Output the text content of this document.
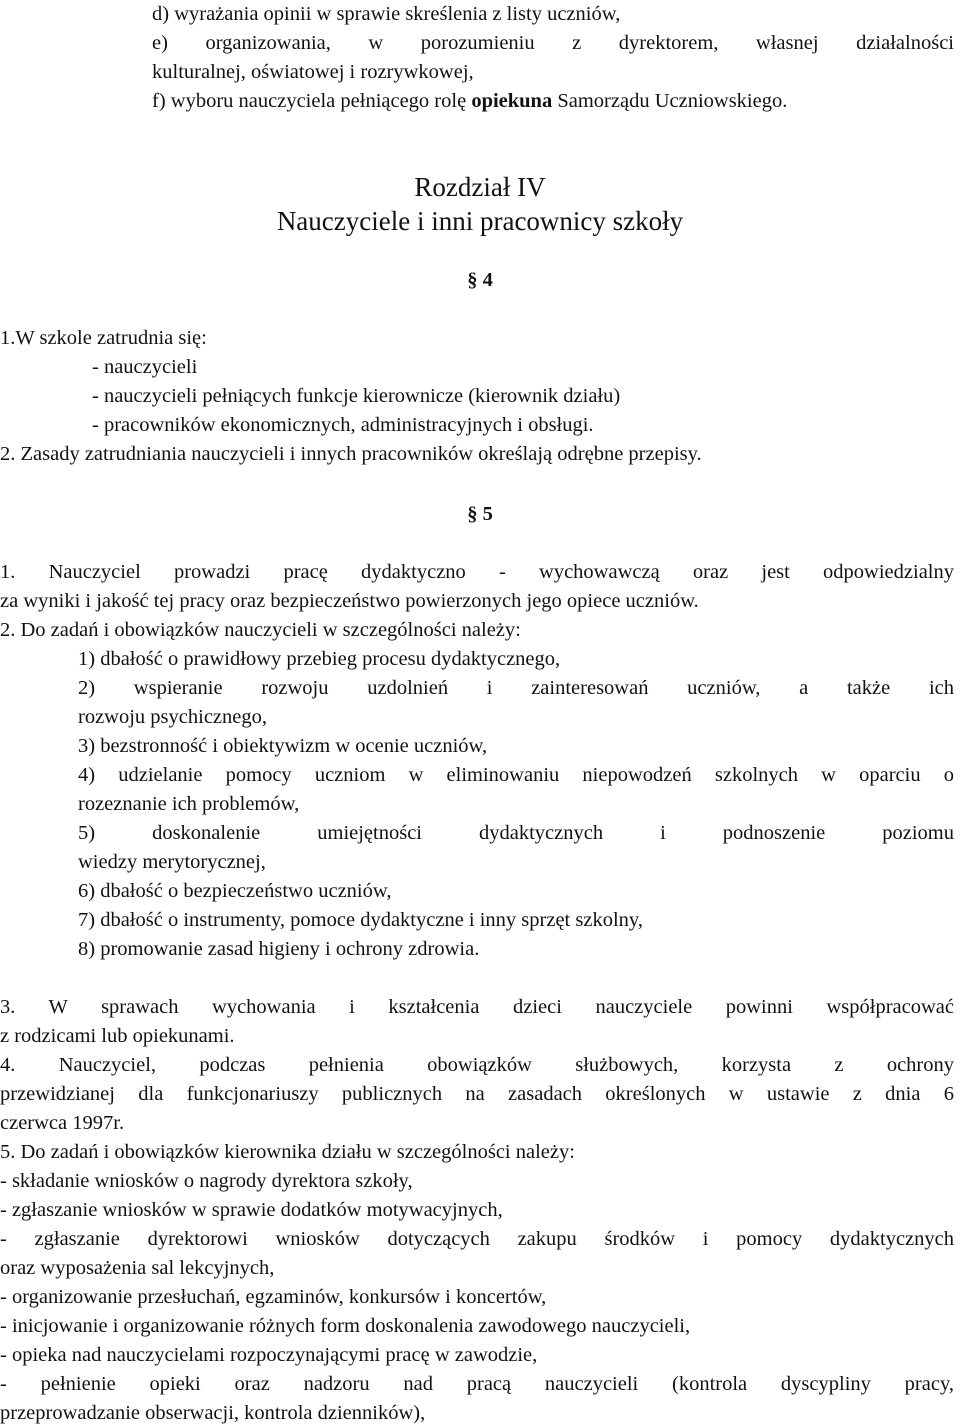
d) wyrażania opinii w sprawie skreślenia z listy uczniów,
e) organizowania, w porozumieniu z dyrektorem, własnej działalności
kulturalnej, oświatowej i rozrywkowej,
f) wyboru nauczyciela pełniącego rolę opiekuna Samorządu Uczniowskiego.
Rozdział IV
Nauczyciele i inni pracownicy szkoły
§ 4
1.W szkole zatrudnia się:
- nauczycieli
- nauczycieli pełniących funkcje kierownicze (kierownik działu)
- pracowników ekonomicznych, administracyjnych i obsługi.
2. Zasady zatrudniania nauczycieli i innych pracowników określają odrębne przepisy.
§ 5
1. Nauczyciel prowadzi pracę dydaktyczno - wychowawczą oraz jest odpowiedzialny
za wyniki i jakość tej pracy oraz bezpieczeństwo powierzonych jego opiece uczniów.
2. Do zadań i obowiązków nauczycieli w szczególności należy:
1) dbałość o prawidłowy przebieg procesu dydaktycznego,
2) wspieranie rozwoju uzdolnień i zainteresowań uczniów, a także ich
rozwoju psychicznego,
3) bezstronność i obiektywizm w ocenie uczniów,
4) udzielanie pomocy uczniom w eliminowaniu niepowodzeń szkolnych w oparciu o
rozeznanie ich problemów,
5) doskonalenie umiejętności dydaktycznych i podnoszenie poziomu
wiedzy merytorycznej,
6) dbałość o bezpieczeństwo uczniów,
7) dbałość o instrumenty, pomoce dydaktyczne i inny sprzęt szkolny,
8) promowanie zasad higieny i ochrony zdrowia.
3. W sprawach wychowania i kształcenia dzieci nauczyciele powinni współpracować
z rodzicami lub opiekunami.
4. Nauczyciel, podczas pełnienia obowiązków służbowych, korzysta z ochrony
przewidzianej dla funkcjonariuszy publicznych na zasadach określonych w ustawie z dnia 6
czerwca 1997r.
5. Do zadań i obowiązków kierownika działu w szczególności należy:
- składanie wniosków o nagrody dyrektora szkoły,
- zgłaszanie wniosków w sprawie dodatków motywacyjnych,
- zgłaszanie dyrektorowi wniosków dotyczących zakupu środków i pomocy dydaktycznych
oraz wyposażenia sal lekcyjnych,
- organizowanie przesłuchań, egzaminów, konkursów i koncertów,
- inicjowanie i organizowanie różnych form doskonalenia zawodowego nauczycieli,
- opieka nad nauczycielami rozpoczynającymi pracę w zawodzie,
- pełnienie opieki oraz nadzoru nad pracą nauczycieli (kontrola dyscypliny pracy,
przeprowadzanie obserwacji, kontrola dzienników),
